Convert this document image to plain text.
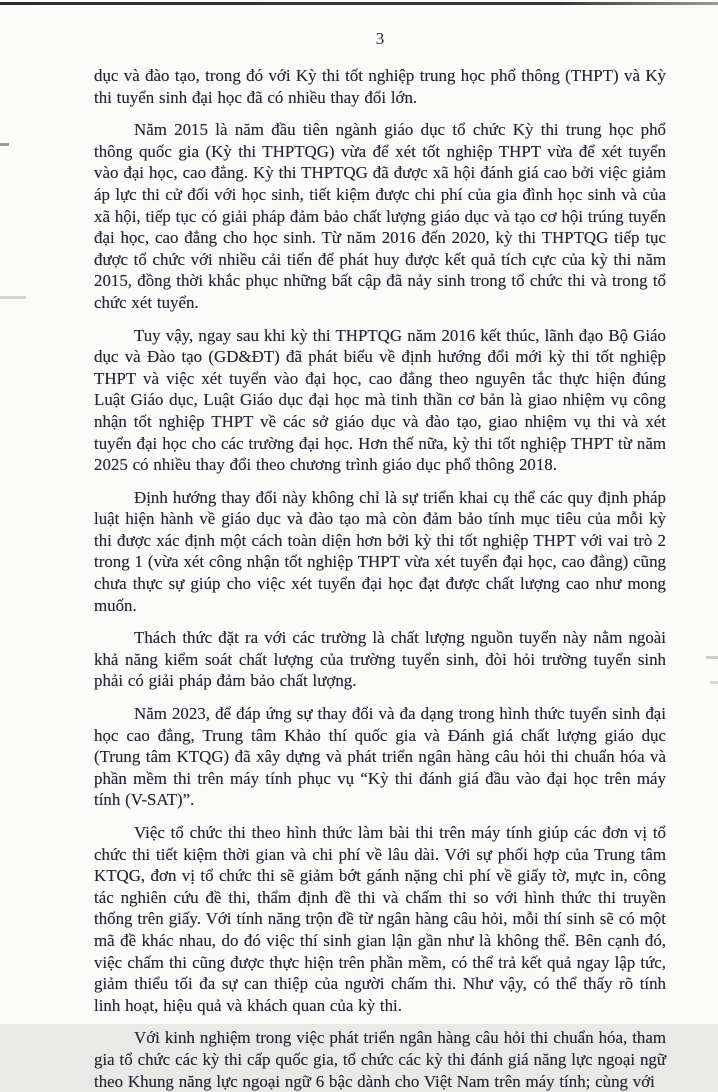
3

dục và đào tạo, trong đó với Kỳ thi tốt nghiệp trung học phổ thông (THPT) và Kỳ thi tuyển sinh đại học đã có nhiều thay đổi lớn.

Năm 2015 là năm đầu tiên ngành giáo dục tổ chức Kỳ thi trung học phổ thông quốc gia (Kỳ thi THPTQG) vừa để xét tốt nghiệp THPT vừa để xét tuyển vào đại học, cao đẳng. Kỳ thi THPTQG đã được xã hội đánh giá cao bởi việc giảm áp lực thi cử đối với học sinh, tiết kiệm được chi phí của gia đình học sinh và của xã hội, tiếp tục có giải pháp đảm bảo chất lượng giáo dục và tạo cơ hội trúng tuyển đại học, cao đẳng cho học sinh. Từ năm 2016 đến 2020, kỳ thi THPTQG tiếp tục được tổ chức với nhiều cải tiến để phát huy được kết quả tích cực của kỳ thi năm 2015, đồng thời khắc phục những bất cập đã nảy sinh trong tổ chức thi và trong tổ chức xét tuyển.

Tuy vậy, ngay sau khi kỳ thi THPTQG năm 2016 kết thúc, lãnh đạo Bộ Giáo dục và Đào tạo (GD&ĐT) đã phát biểu về định hướng đổi mới kỳ thi tốt nghiệp THPT và việc xét tuyển vào đại học, cao đẳng theo nguyên tắc thực hiện đúng Luật Giáo dục, Luật Giáo dục đại học mà tinh thần cơ bản là giao nhiệm vụ công nhận tốt nghiệp THPT về các sở giáo dục và đào tạo, giao nhiệm vụ thi và xét tuyển đại học cho các trường đại học. Hơn thế nữa, kỳ thi tốt nghiệp THPT từ năm 2025 có nhiều thay đổi theo chương trình giáo dục phổ thông 2018.

Định hướng thay đổi này không chỉ là sự triển khai cụ thể các quy định pháp luật hiện hành về giáo dục và đào tạo mà còn đảm bảo tính mục tiêu của mỗi kỳ thi được xác định một cách toàn diện hơn bởi kỳ thi tốt nghiệp THPT với vai trò 2 trong 1 (vừa xét công nhận tốt nghiệp THPT vừa xét tuyển đại học, cao đẳng) cũng chưa thực sự giúp cho việc xét tuyển đại học đạt được chất lượng cao như mong muốn.

Thách thức đặt ra với các trường là chất lượng nguồn tuyển này nằm ngoài khả năng kiểm soát chất lượng của trường tuyển sinh, đòi hỏi trường tuyển sinh phải có giải pháp đảm bảo chất lượng.

Năm 2023, để đáp ứng sự thay đổi và đa dạng trong hình thức tuyển sinh đại học cao đẳng, Trung tâm Khảo thí quốc gia và Đánh giá chất lượng giáo dục (Trung tâm KTQG) đã xây dựng và phát triển ngân hàng câu hỏi thi chuẩn hóa và phần mềm thi trên máy tính phục vụ “Kỳ thi đánh giá đầu vào đại học trên máy tính (V-SAT)”.

Việc tổ chức thi theo hình thức làm bài thi trên máy tính giúp các đơn vị tổ chức thi tiết kiệm thời gian và chi phí về lâu dài. Với sự phối hợp của Trung tâm KTQG, đơn vị tổ chức thi sẽ giảm bớt gánh nặng chi phí về giấy tờ, mực in, công tác nghiên cứu đề thi, thẩm định đề thi và chấm thi so với hình thức thi truyền thống trên giấy. Với tính năng trộn đề từ ngân hàng câu hỏi, mỗi thí sinh sẽ có một mã đề khác nhau, do đó việc thí sinh gian lận gần như là không thể. Bên cạnh đó, việc chấm thi cũng được thực hiện trên phần mềm, có thể trả kết quả ngay lập tức, giảm thiểu tối đa sự can thiệp của người chấm thi. Như vậy, có thể thấy rõ tính linh hoạt, hiệu quả và khách quan của kỳ thi.

Với kinh nghiệm trong việc phát triển ngân hàng câu hỏi thi chuẩn hóa, tham gia tổ chức các kỳ thi cấp quốc gia, tổ chức các kỳ thi đánh giá năng lực ngoại ngữ theo Khung năng lực ngoại ngữ 6 bậc dành cho Việt Nam trên máy tính; cùng với
